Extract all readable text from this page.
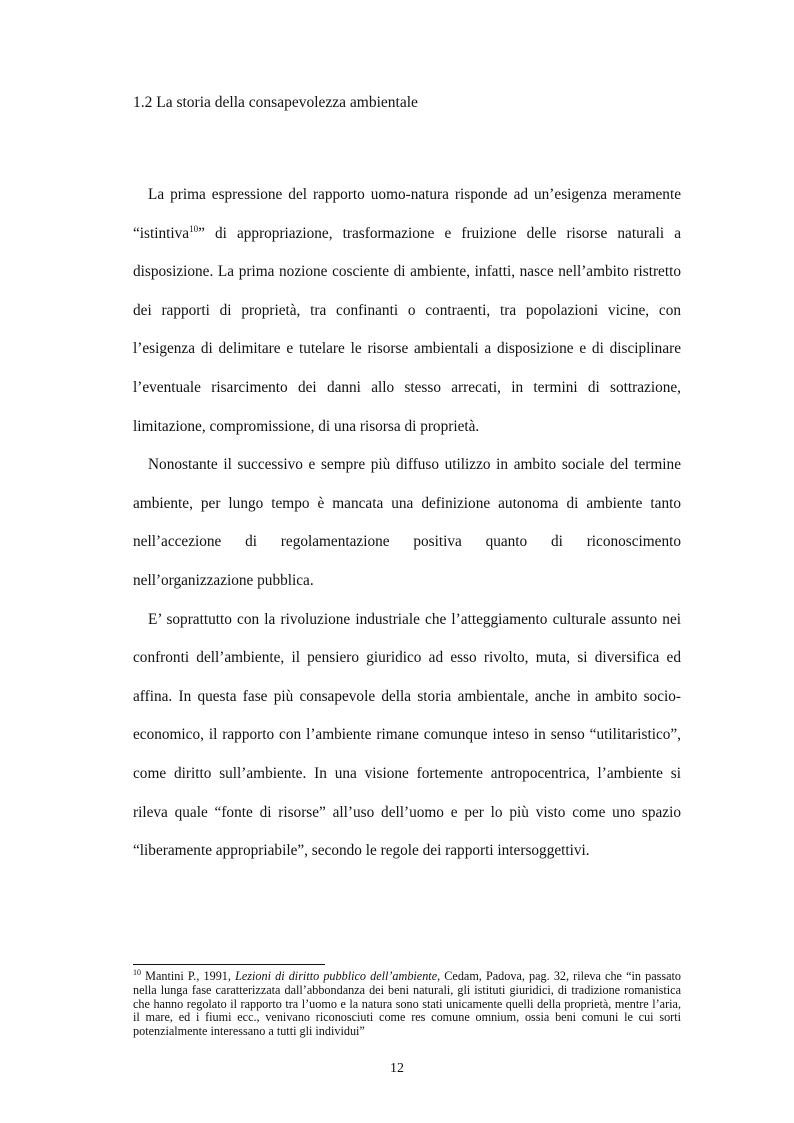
1.2 La storia della consapevolezza ambientale

La prima espressione del rapporto uomo-natura risponde ad un’esigenza meramente “istintiva$^{10}$” di appropriazione, trasformazione e fruizione delle risorse naturali a disposizione. La prima nozione cosciente di ambiente, infatti, nasce nell’ambito ristretto dei rapporti di proprietà, tra confinanti o contraenti, tra popolazioni vicine, con l’esigenza di delimitare e tutelare le risorse ambientali a disposizione e di disciplinare l’eventuale risarcimento dei danni allo stesso arrecati, in termini di sottrazione, limitazione, compromissione, di una risorsa di proprietà.

Nonostante il successivo e sempre più diffuso utilizzo in ambito sociale del termine ambiente, per lungo tempo è mancata una definizione autonoma di ambiente tanto nell’accezione di regolamentazione positiva quanto di riconoscimento nell’organizzazione pubblica.

E’ soprattutto con la rivoluzione industriale che l’atteggiamento culturale assunto nei confronti dell’ambiente, il pensiero giuridico ad esso rivolto, muta, si diversifica ed affina. In questa fase più consapevole della storia ambientale, anche in ambito socio-economico, il rapporto con l’ambiente rimane comunque inteso in senso “utilitaristico”, come diritto sull’ambiente. In una visione fortemente antropocentrica, l’ambiente si rileva quale “fonte di risorse” all’uso dell’uomo e per lo più visto come uno spazio “liberamente appropriabile”, secondo le regole dei rapporti intersoggettivi.

$^{10}$ Mantini P., 1991, Lezioni di diritto pubblico dell’ambiente, Cedam, Padova, pag. 32, rileva che “in passato nella lunga fase caratterizzata dall’abbondanza dei beni naturali, gli istituti giuridici, di tradizione romanistica che hanno regolato il rapporto tra l’uomo e la natura sono stati unicamente quelli della proprietà, mentre l’aria, il mare, ed i fiumi ecc., venivano riconosciuti come res comune omnium, ossia beni comuni le cui sorti potenzialmente interessano a tutti gli individui”

12
